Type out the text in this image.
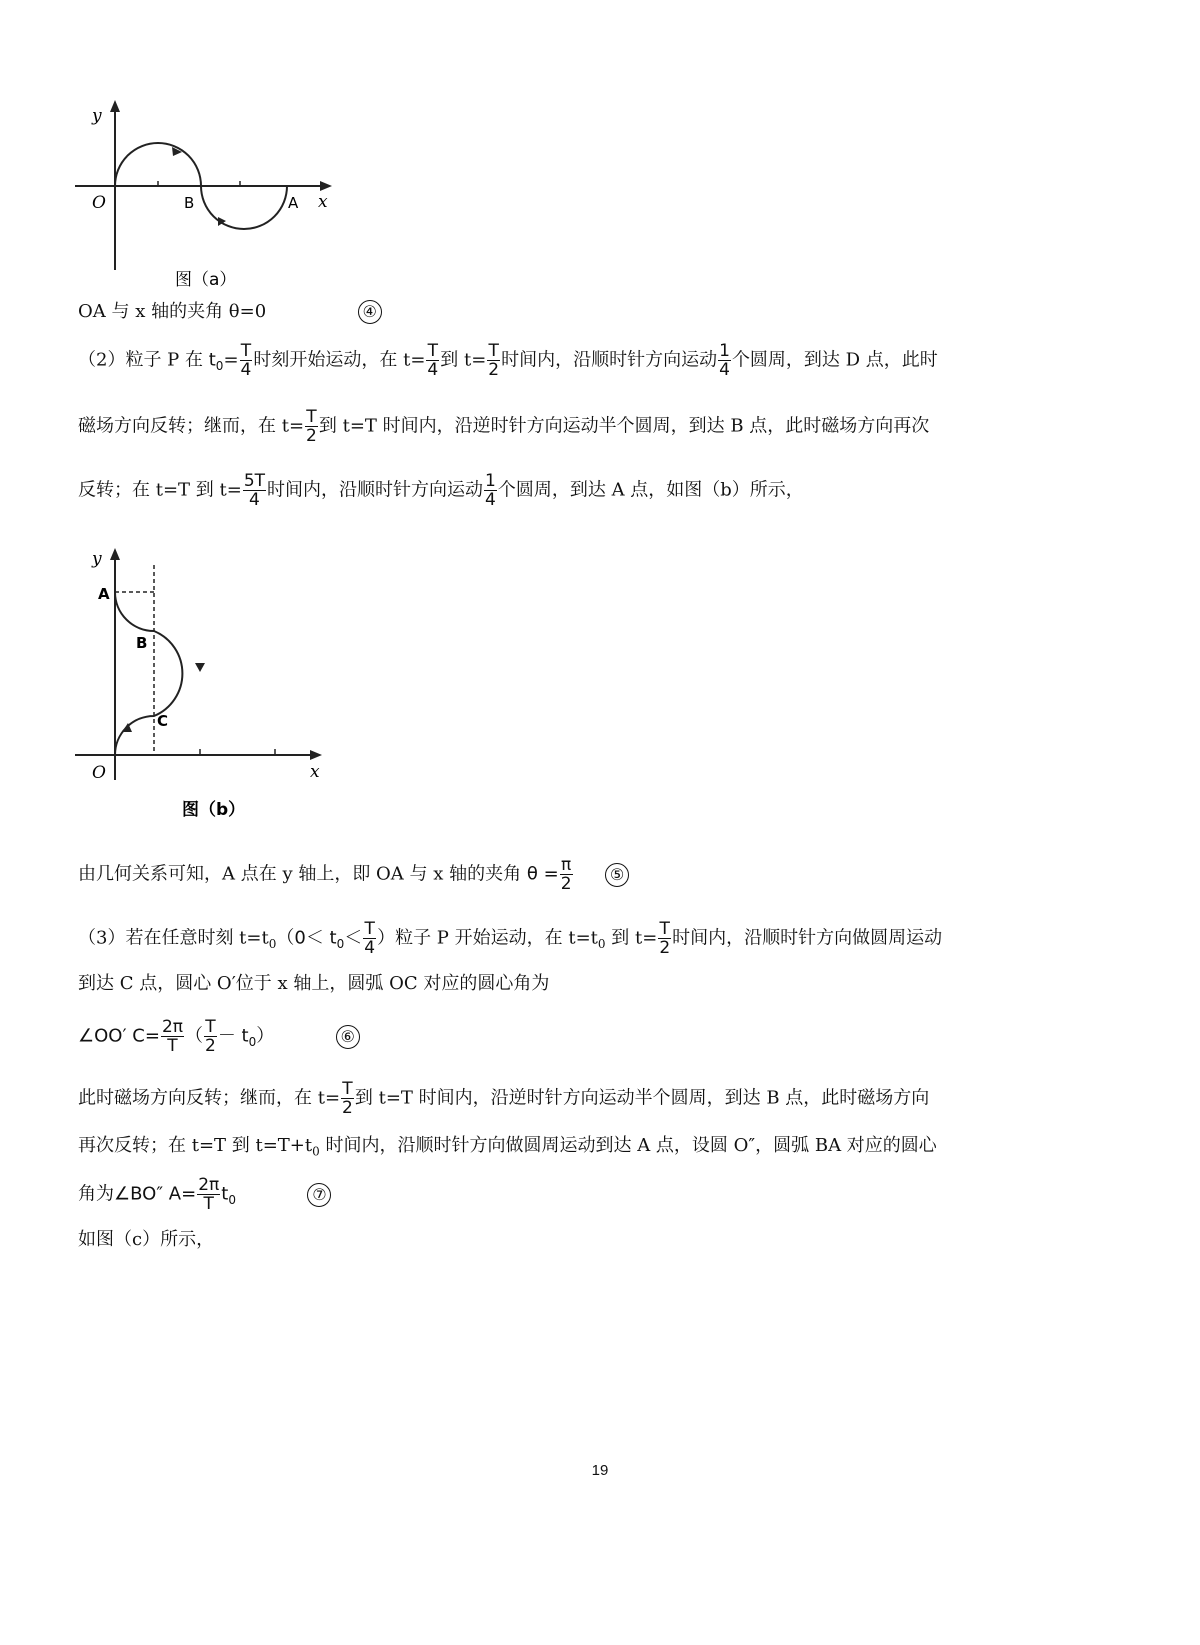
y
x
O	B	A
图（a）
OA 与 x 轴的夹角 θ=0	④
（2）粒子 P 在 $t_0= \frac{T}{4}$ 时刻开始运动，在 $t= \frac{T}{4}$ 到 $t= \frac{T}{2}$ 时间内，沿顺时针方向运动 $\frac{1}{4}$ 个圆周，到达 D 点，此时
磁场方向反转；继而，在 $t= \frac{T}{2}$ 到 t=T 时间内，沿逆时针方向运动半个圆周，到达 B 点，此时磁场方向再次
反转；在 t=T 到 $t= \frac{5T}{4}$ 时间内，沿顺时针方向运动 $\frac{1}{4}$ 个圆周，到达 A 点，如图（b）所示，
y
x
O
A
B
C
图（b）
由几何关系可知，A 点在 y 轴上，即 OA 与 x 轴的夹角 $\theta = \frac{\pi}{2}$ ⑤
（3）若在任意时刻 $t=t_0(0< t_0< \frac{T}{4}$ ）粒子 P 开始运动，在 $t=t_0$ 到 $t= \frac{T}{2}$ 时间内，沿顺时针方向做圆周运动
到达 C 点，圆心 O′位于 x 轴上，圆弧 OC 对应的圆心角为
∠OO′ $C= \frac{2\pi}{T}$ （ $\frac{T}{2} - t_0$）	⑥
此时磁场方向反转；继而，在 $t= \frac{T}{2}$ 到 t=T 时间内，沿逆时针方向运动半个圆周，到达 B 点，此时磁场方向
再次反转；在 t=T 到 $t=T+t_0$ 时间内，沿顺时针方向做圆周运动到达 A 点，设圆 O″，圆弧 BA 对应的圆心
角为∠BO″ $A= \frac{2\pi}{T} t_0$	⑦
如图（c）所示，
19
